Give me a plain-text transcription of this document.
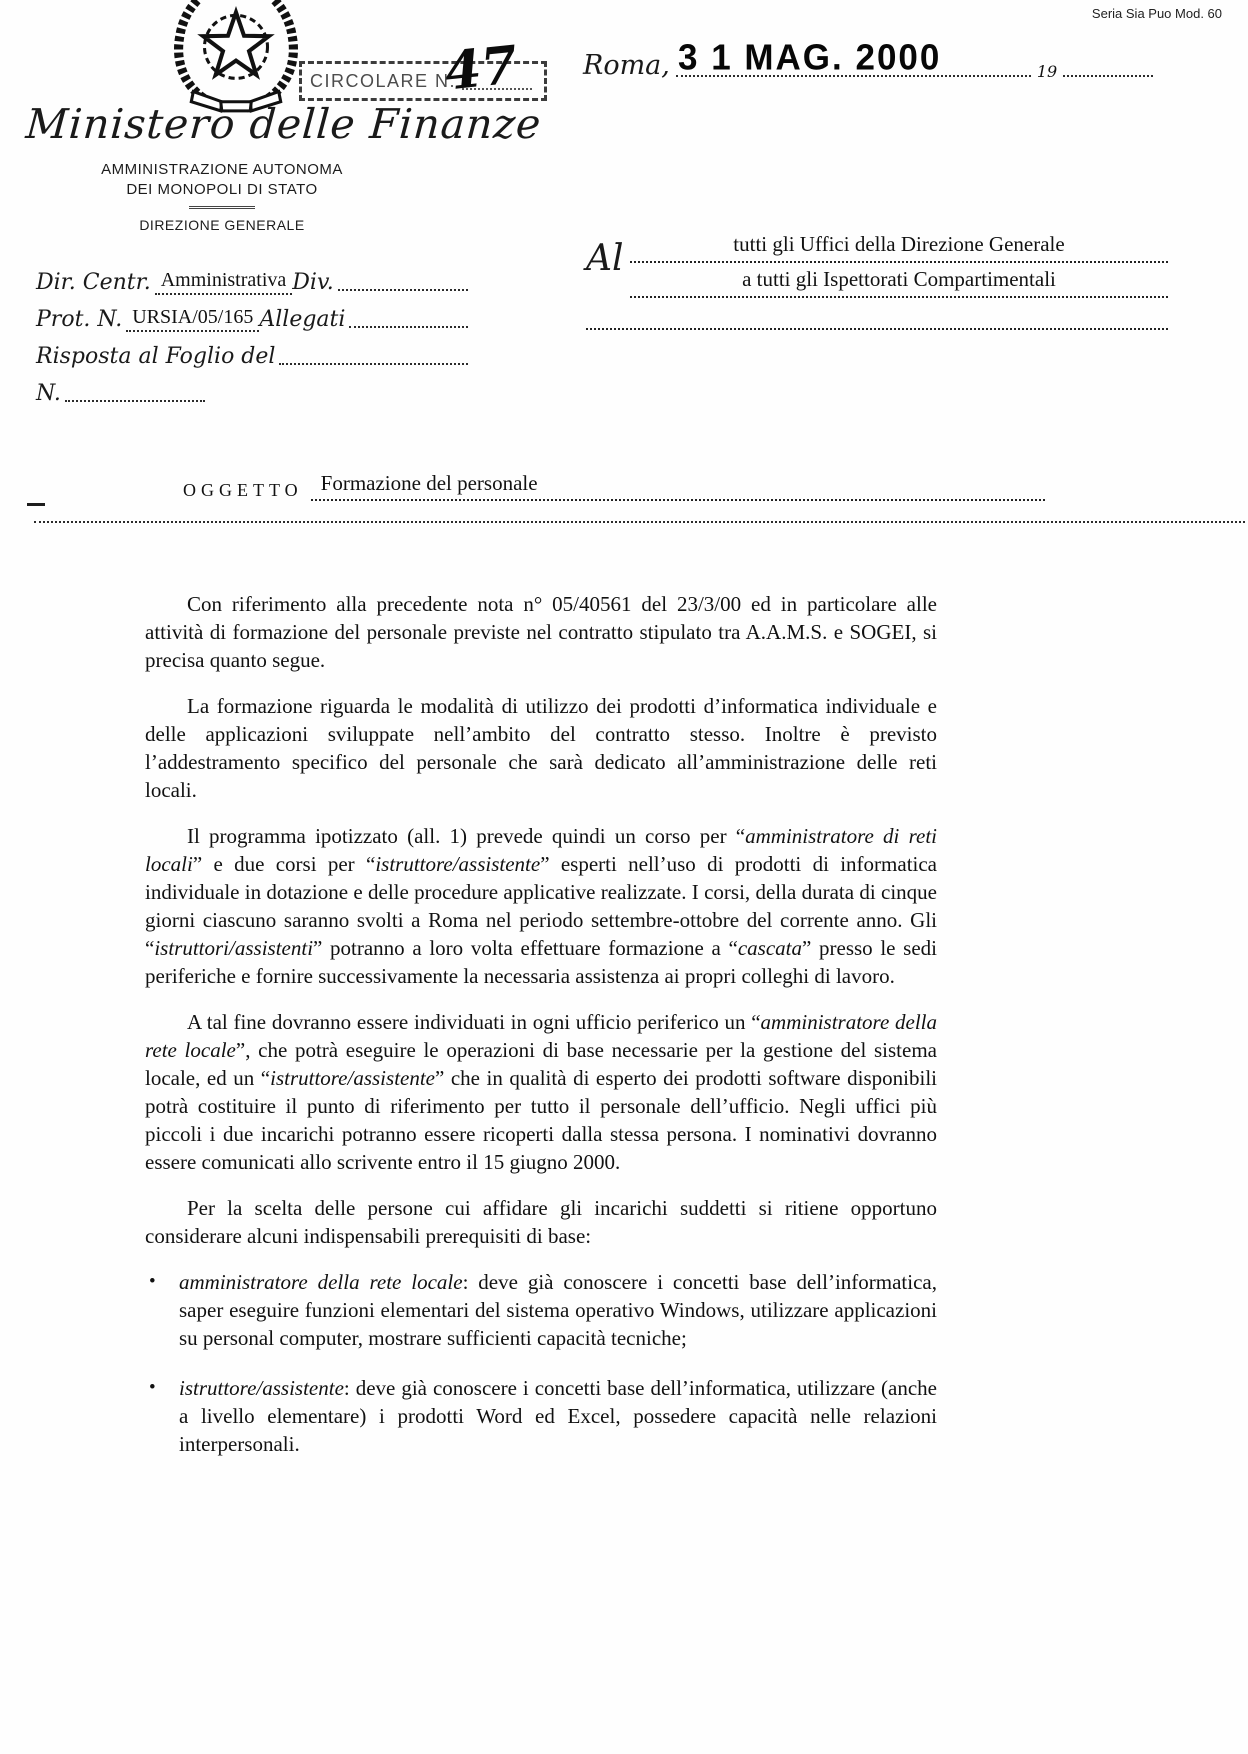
Seria Sia Puo Mod. 60
CIRCOLARE N.
47 Roma,	19
3 1 MAG. 2000
Ministero delle Finanze
AMMINISTRAZIONE AUTONOMA
DEI MONOPOLI DI STATO
DIREZIONE GENERALE
Al	tutti gli Uffici della Direzione Generale
a tutti gli Ispettorati Compartimentali
Dir. Centr. Amministrativa Div.
Prot. N. URSIA/05/165 Allegati
Risposta al Foglio del
N.
OGGETTO Formazione del personale

Con riferimento alla precedente nota n° 05/40561 del 23/3/00 ed in particolare alle attività di formazione del personale previste nel contratto stipulato tra A.A.M.S. e SOGEI, si precisa quanto segue.

La formazione riguarda le modalità di utilizzo dei prodotti d’informatica individuale e delle applicazioni sviluppate nell’ambito del contratto stesso. Inoltre è previsto l’addestramento specifico del personale che sarà dedicato all’amministrazione delle reti locali.

Il programma ipotizzato (all. 1) prevede quindi un corso per “amministratore di reti locali” e due corsi per “istruttore/assistente” esperti nell’uso di prodotti di informatica individuale in dotazione e delle procedure applicative realizzate. I corsi, della durata di cinque giorni ciascuno saranno svolti a Roma nel periodo settembre-ottobre del corrente anno. Gli “istruttori/assistenti” potranno a loro volta effettuare formazione a “cascata” presso le sedi periferiche e fornire successivamente la necessaria assistenza ai propri colleghi di lavoro.

A tal fine dovranno essere individuati in ogni ufficio periferico un “amministratore della rete locale”, che potrà eseguire le operazioni di base necessarie per la gestione del sistema locale, ed un “istruttore/assistente” che in qualità di esperto dei prodotti software disponibili potrà costituire il punto di riferimento per tutto il personale dell’ufficio. Negli uffici più piccoli i due incarichi potranno essere ricoperti dalla stessa persona. I nominativi dovranno essere comunicati allo scrivente entro il 15 giugno 2000.

Per la scelta delle persone cui affidare gli incarichi suddetti si ritiene opportuno considerare alcuni indispensabili prerequisiti di base:

•	amministratore della rete locale: deve già conoscere i concetti base dell’informatica, saper eseguire funzioni elementari del sistema operativo Windows, utilizzare applicazioni su personal computer, mostrare sufficienti capacità tecniche;
•	istruttore/assistente: deve già conoscere i concetti base dell’informatica, utilizzare (anche a livello elementare) i prodotti Word ed Excel, possedere capacità nelle relazioni interpersonali.
